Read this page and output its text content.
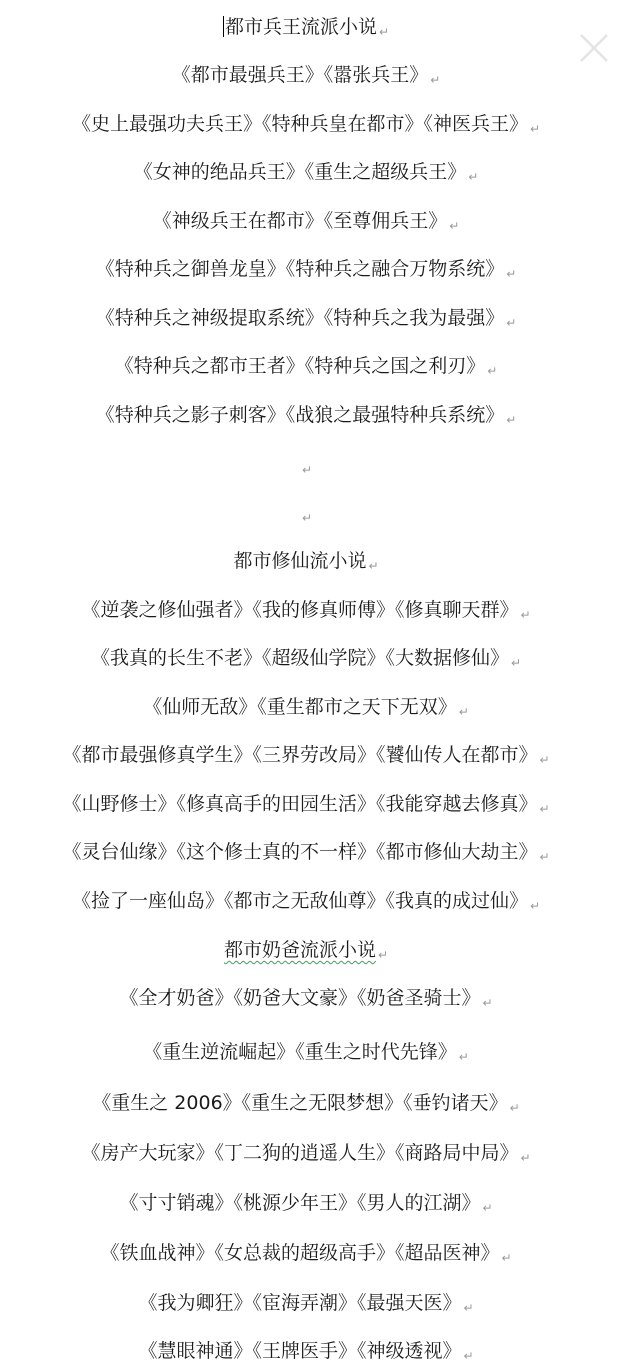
都市兵王流派小说 ↵
《都市最强兵王》《嚣张兵王》 ↵
《史上最强功夫兵王》《特种兵皇在都市》《神医兵王》 ↵
《女神的绝品兵王》《重生之超级兵王》 ↵
《神级兵王在都市》《至尊佣兵王》 ↵
《特种兵之御兽龙皇》《特种兵之融合万物系统》 ↵
《特种兵之神级提取系统》《特种兵之我为最强》 ↵
《特种兵之都市王者》《特种兵之国之利刃》 ↵
《特种兵之影子刺客》《战狼之最强特种兵系统》 ↵
↵
↵
都市修仙流小说 ↵
《逆袭之修仙强者》《我的修真师傅》《修真聊天群》 ↵
《我真的长生不老》《超级仙学院》《大数据修仙》 ↵
《仙师无敌》《重生都市之天下无双》 ↵
《都市最强修真学生》《三界劳改局》《饕仙传人在都市》 ↵
《山野修士》《修真高手的田园生活》《我能穿越去修真》 ↵
《灵台仙缘》《这个修士真的不一样》《都市修仙大劫主》 ↵
《捡了一座仙岛》《都市之无敌仙尊》《我真的成过仙》 ↵
都市奶爸流派小说 ↵
《全才奶爸》《奶爸大文豪》《奶爸圣骑士》 ↵
《重生逆流崛起》《重生之时代先锋》 ↵
《重生之 2006》《重生之无限梦想》《垂钓诸天》 ↵
《房产大玩家》《丁二狗的逍遥人生》《商路局中局》 ↵
《寸寸销魂》《桃源少年王》《男人的江湖》 ↵
《铁血战神》《女总裁的超级高手》《超品医神》 ↵
《我为卿狂》《宦海弄潮》《最强天医》 ↵
《慧眼神通》《王牌医手》《神级透视》 ↵
